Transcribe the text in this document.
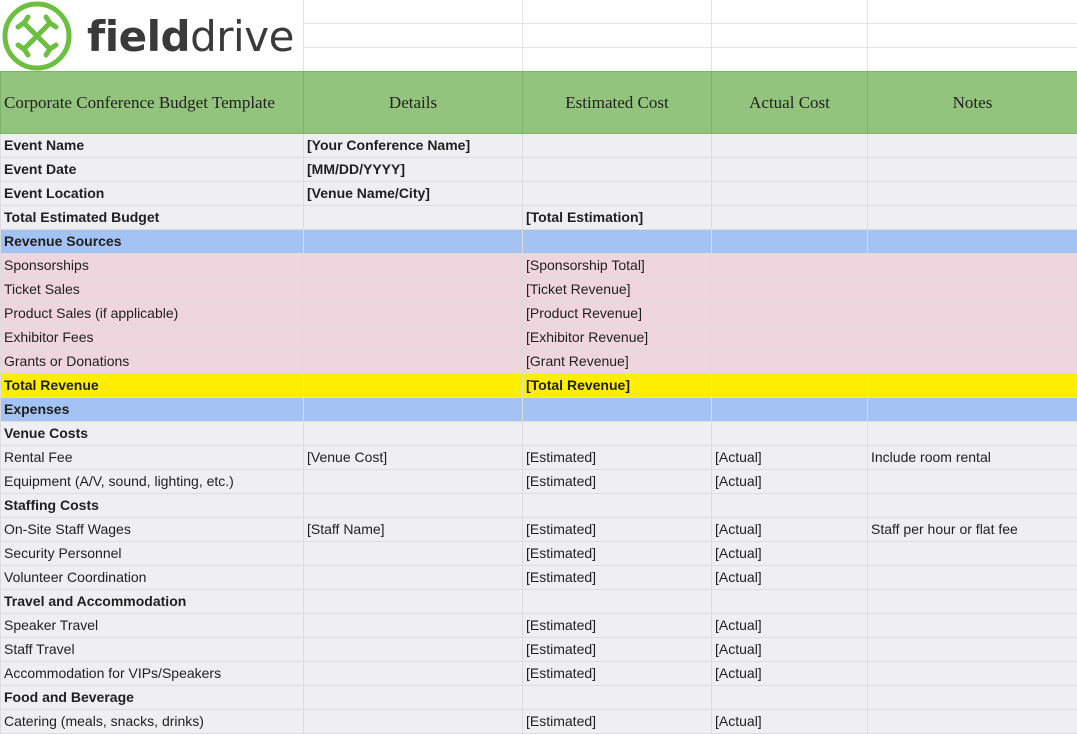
fielddrive
Corporate Conference Budget Template	Details	Estimated Cost	Actual Cost	Notes
Event Name	[Your Conference Name]			
Event Date	[MM/DD/YYYY]			
Event Location	[Venue Name/City]			
Total Estimated Budget		[Total Estimation]		
Revenue Sources				
Sponsorships		[Sponsorship Total]		
Ticket Sales		[Ticket Revenue]		
Product Sales (if applicable)		[Product Revenue]		
Exhibitor Fees		[Exhibitor Revenue]		
Grants or Donations		[Grant Revenue]		
Total Revenue		[Total Revenue]		
Expenses				
Venue Costs				
Rental Fee	[Venue Cost]	[Estimated]	[Actual]	Include room rental
Equipment (A/V, sound, lighting, etc.)		[Estimated]	[Actual]	
Staffing Costs				
On-Site Staff Wages	[Staff Name]	[Estimated]	[Actual]	Staff per hour or flat fee
Security Personnel		[Estimated]	[Actual]	
Volunteer Coordination		[Estimated]	[Actual]	
Travel and Accommodation				
Speaker Travel		[Estimated]	[Actual]	
Staff Travel		[Estimated]	[Actual]	
Accommodation for VIPs/Speakers		[Estimated]	[Actual]	
Food and Beverage				
Catering (meals, snacks, drinks)		[Estimated]	[Actual]	
